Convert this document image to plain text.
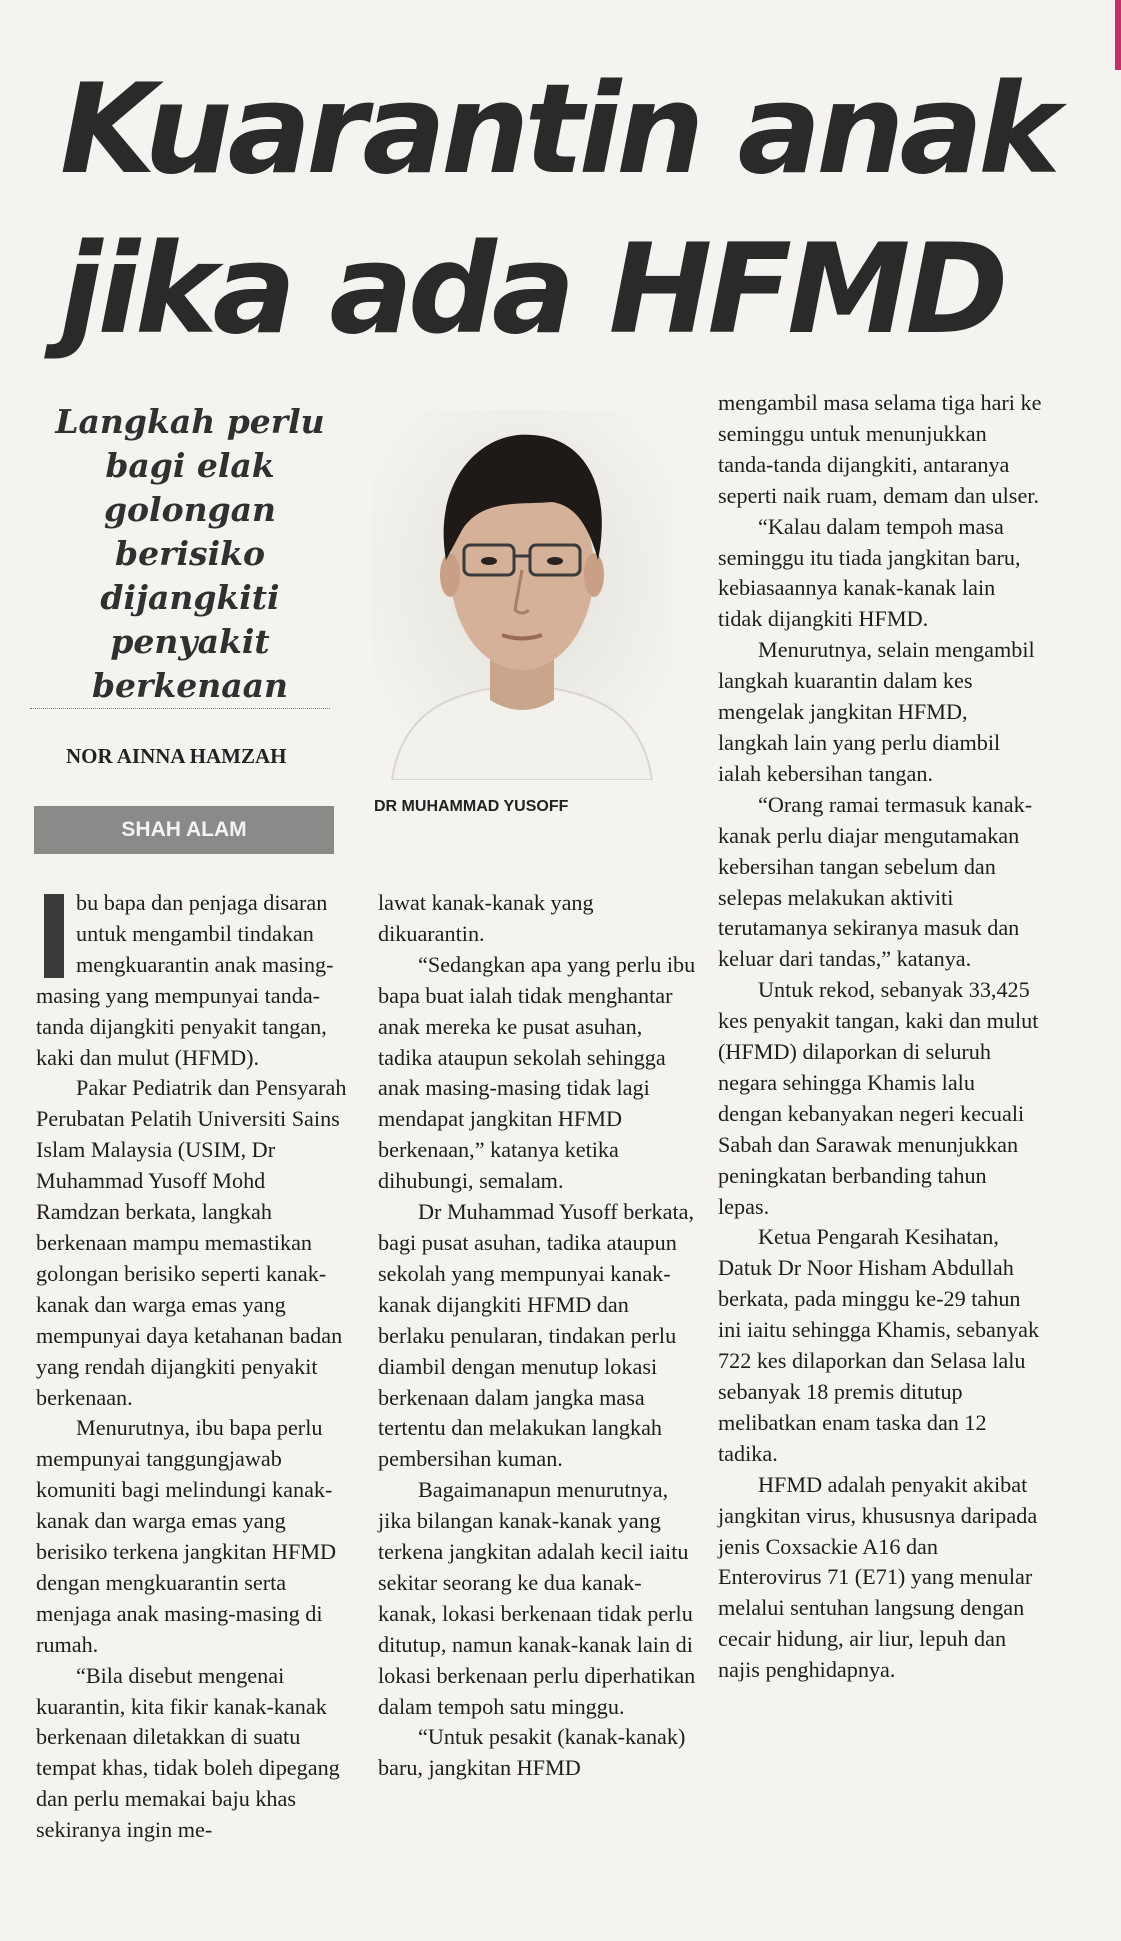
Kuarantin anak
jika ada HFMD
Langkah perlu
bagi elak
golongan berisiko
dijangkiti
penyakit
berkenaan
NOR AINNA HAMZAH
SHAH ALAM
DR MUHAMMAD YUSOFF

bu bapa dan penjaga disaran untuk mengambil tindakan mengkuarantin anak masing-masing yang mempunyai tanda-tanda dijangkiti penyakit tangan, kaki dan mulut (HFMD).

Pakar Pediatrik dan Pensyarah Perubatan Pelatih Universiti Sains Islam Malaysia (USIM, Dr Muhammad Yusoff Mohd Ramdzan berkata, langkah berkenaan mampu memastikan golongan berisiko seperti kanak-kanak dan warga emas yang mempunyai daya ketahanan badan yang rendah dijangkiti penyakit berkenaan.

Menurutnya, ibu bapa perlu mempunyai tanggungjawab komuniti bagi melindungi kanak-kanak dan warga emas yang berisiko terkena jangkitan HFMD dengan mengkuarantin serta menjaga anak masing-masing di rumah.

“Bila disebut mengenai kuarantin, kita fikir kanak-kanak berkenaan diletakkan di suatu tempat khas, tidak boleh dipegang dan perlu memakai baju khas sekiranya ingin me-

lawat kanak-kanak yang dikuarantin.

“Sedangkan apa yang perlu ibu bapa buat ialah tidak menghantar anak mereka ke pusat asuhan, tadika ataupun sekolah sehingga anak masing-masing tidak lagi mendapat jangkitan HFMD berkenaan,” katanya ketika dihubungi, semalam.

Dr Muhammad Yusoff berkata, bagi pusat asuhan, tadika ataupun sekolah yang mempunyai kanak-kanak dijangkiti HFMD dan berlaku penularan, tindakan perlu diambil dengan menutup lokasi berkenaan dalam jangka masa tertentu dan melakukan langkah pembersihan kuman.

Bagaimanapun menurutnya, jika bilangan kanak-kanak yang terkena jangkitan adalah kecil iaitu sekitar seorang ke dua kanak-kanak, lokasi berkenaan tidak perlu ditutup, namun kanak-kanak lain di lokasi berkenaan perlu diperhatikan dalam tempoh satu minggu.

“Untuk pesakit (kanak-kanak) baru, jangkitan HFMD

mengambil masa selama tiga hari ke seminggu untuk menunjukkan tanda-tanda dijangkiti, antaranya seperti naik ruam, demam dan ulser.

“Kalau dalam tempoh masa seminggu itu tiada jangkitan baru, kebiasaannya kanak-kanak lain tidak dijangkiti HFMD.

Menurutnya, selain mengambil langkah kuarantin dalam kes mengelak jangkitan HFMD, langkah lain yang perlu diambil ialah kebersihan tangan.

“Orang ramai termasuk kanak-kanak perlu diajar mengutamakan kebersihan tangan sebelum dan selepas melakukan aktiviti terutamanya sekiranya masuk dan keluar dari tandas,” katanya.

Untuk rekod, sebanyak 33,425 kes penyakit tangan, kaki dan mulut (HFMD) dilaporkan di seluruh negara sehingga Khamis lalu dengan kebanyakan negeri kecuali Sabah dan Sarawak menunjukkan peningkatan berbanding tahun lepas.

Ketua Pengarah Kesihatan, Datuk Dr Noor Hisham Abdullah berkata, pada minggu ke-29 tahun ini iaitu sehingga Khamis, sebanyak 722 kes dilaporkan dan Selasa lalu sebanyak 18 premis ditutup melibatkan enam taska dan 12 tadika.

HFMD adalah penyakit akibat jangkitan virus, khususnya daripada jenis Coxsackie A16 dan Enterovirus 71 (E71) yang menular melalui sentuhan langsung dengan cecair hidung, air liur, lepuh dan najis penghidapnya.
